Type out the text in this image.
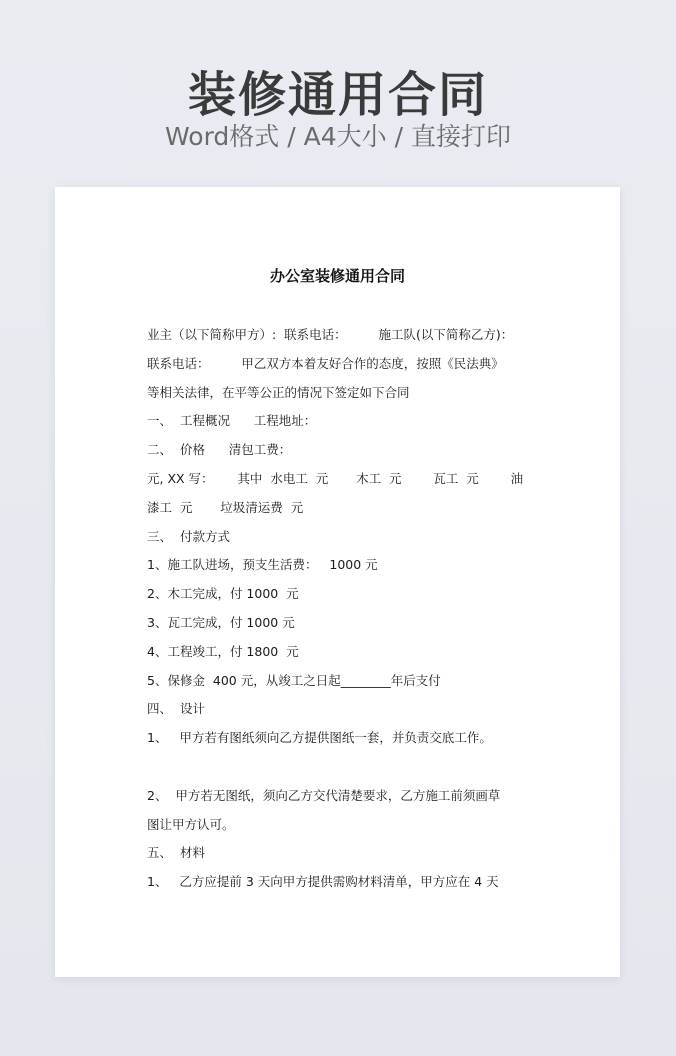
装修通用合同
Word格式 / A4大小 / 直接打印
办公室装修通用合同
业主（以下简称甲方）:  联系电话：        施工队(以下简称乙方)：
联系电话：        甲乙双方本着友好合作的态度，按照《民法典》
等相关法律，在平等公正的情况下签定如下合同
一、  工程概况      工程地址：
二、  价格      清包工费：
元, XX 写：      其中  水电工  元       木工  元        瓦工  元        油
漆工  元       垃圾清运费  元
三、  付款方式
1、施工队进场，预支生活费：   1000 元
2、木工完成，付 1000  元
3、瓦工完成，付 1000 元
4、工程竣工，付 1800  元
5、保修金  400 元，从竣工之日起________年后支付
四、  设计
1、   甲方若有图纸须向乙方提供图纸一套，并负责交底工作。
2、  甲方若无图纸，须向乙方交代清楚要求，乙方施工前须画草
图让甲方认可。
五、  材料
1、   乙方应提前 3 天向甲方提供需购材料清单，甲方应在 4 天
